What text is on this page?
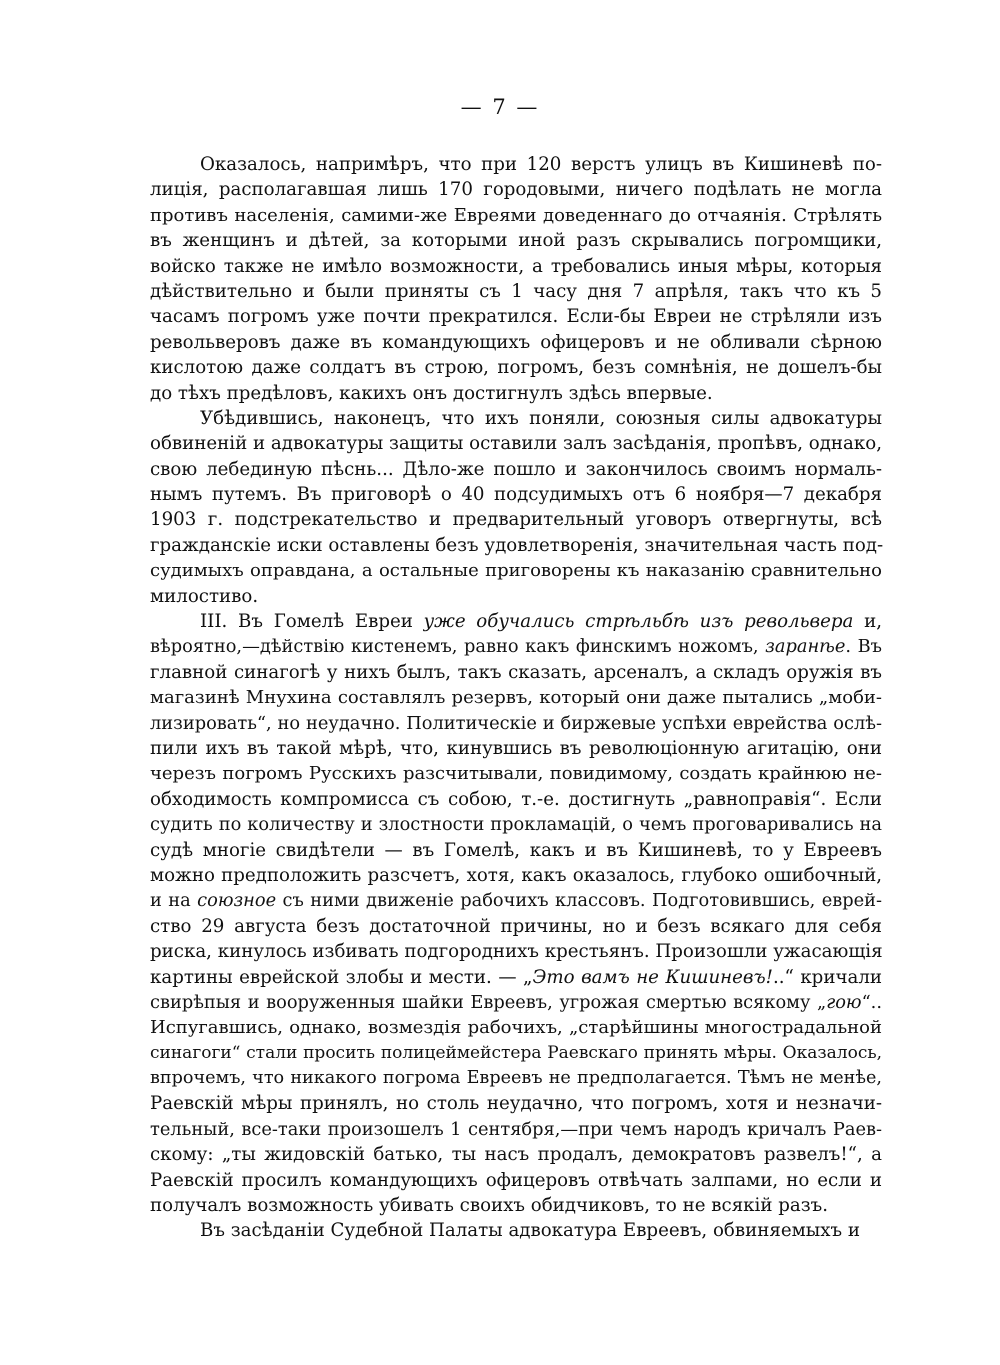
— 7 —
Оказалось, напримѣръ, что при 120 верстъ улицъ въ Кишиневѣ по-
лиція, располагавшая лишь 170 городовыми, ничего подѣлать не могла
противъ населенія, самими-же Евреями доведеннаго до отчаянія. Стрѣлять
въ женщинъ и дѣтей, за которыми иной разъ скрывались погромщики,
войско также не имѣло возможности, а требовались иныя мѣры, которыя
дѣйствительно и были приняты съ 1 часу дня 7 апрѣля, такъ что къ 5
часамъ погромъ уже почти прекратился. Если-бы Евреи не стрѣляли изъ
револьверовъ даже въ командующихъ офицеровъ и не обливали сѣрною
кислотою даже солдатъ въ строю, погромъ, безъ сомнѣнія, не дошелъ-бы
до тѣхъ предѣловъ, какихъ онъ достигнулъ здѣсь впервые.
Убѣдившись, наконецъ, что ихъ поняли, союзныя силы адвокатуры
обвиненій и адвокатуры защиты оставили залъ засѣданія, пропѣвъ, однако,
свою лебединую пѣснь... Дѣло-же пошло и закончилось своимъ нормаль-
нымъ путемъ. Въ приговорѣ о 40 подсудимыхъ отъ 6 ноября—7 декабря
1903 г. подстрекательство и предварительный уговоръ отвергнуты, всѣ
гражданскіе иски оставлены безъ удовлетворенія, значительная часть под-
судимыхъ оправдана, а остальные приговорены къ наказанію сравнительно
милостиво.
III. Въ Гомелѣ Евреи уже обучались стрѣльбѣ изъ револьвера и,
вѣроятно,—дѣйствію кистенемъ, равно какъ финскимъ ножомъ, заранѣе. Въ
главной синагогѣ у нихъ былъ, такъ сказать, арсеналъ, а складъ оружія въ
магазинѣ Мнухина составлялъ резервъ, который они даже пытались „моби-
лизировать“, но неудачно. Политическіе и биржевые успѣхи еврейства ослѣ-
пили ихъ въ такой мѣрѣ, что, кинувшись въ революціонную агитацію, они
черезъ погромъ Русскихъ разсчитывали, повидимому, создать крайнюю не-
обходимость компромисса съ собою, т.-е. достигнуть „равноправія“. Если
судить по количеству и злостности прокламацій, о чемъ проговаривались на
судѣ многіе свидѣтели — въ Гомелѣ, какъ и въ Кишиневѣ, то у Евреевъ
можно предположить разсчетъ, хотя, какъ оказалось, глубоко ошибочный,
и на союзное съ ними движеніе рабочихъ классовъ. Подготовившись, еврей-
ство 29 августа безъ достаточной причины, но и безъ всякаго для себя
риска, кинулось избивать подгороднихъ крестьянъ. Произошли ужасающія
картины еврейской злобы и мести. — „Это вамъ не Кишиневъ!..“ кричали
свирѣпыя и вооруженныя шайки Евреевъ, угрожая смертью всякому „гою“..
Испугавшись, однако, возмездія рабочихъ, „старѣйшины многострадальной
синагоги“ стали просить полицеймейстера Раевскаго принять мѣры. Оказалось,
впрочемъ, что никакого погрома Евреевъ не предполагается. Тѣмъ не менѣе,
Раевскій мѣры принялъ, но столь неудачно, что погромъ, хотя и незначи-
тельный, все-таки произошелъ 1 сентября,—при чемъ народъ кричалъ Раев-
скому: „ты жидовскій батько, ты насъ продалъ, демократовъ развелъ!“, а
Раевскій просилъ командующихъ офицеровъ отвѣчать залпами, но если и
получалъ возможность убивать своихъ обидчиковъ, то не всякій разъ.
Въ засѣданіи Судебной Палаты адвокатура Евреевъ, обвиняемыхъ и
